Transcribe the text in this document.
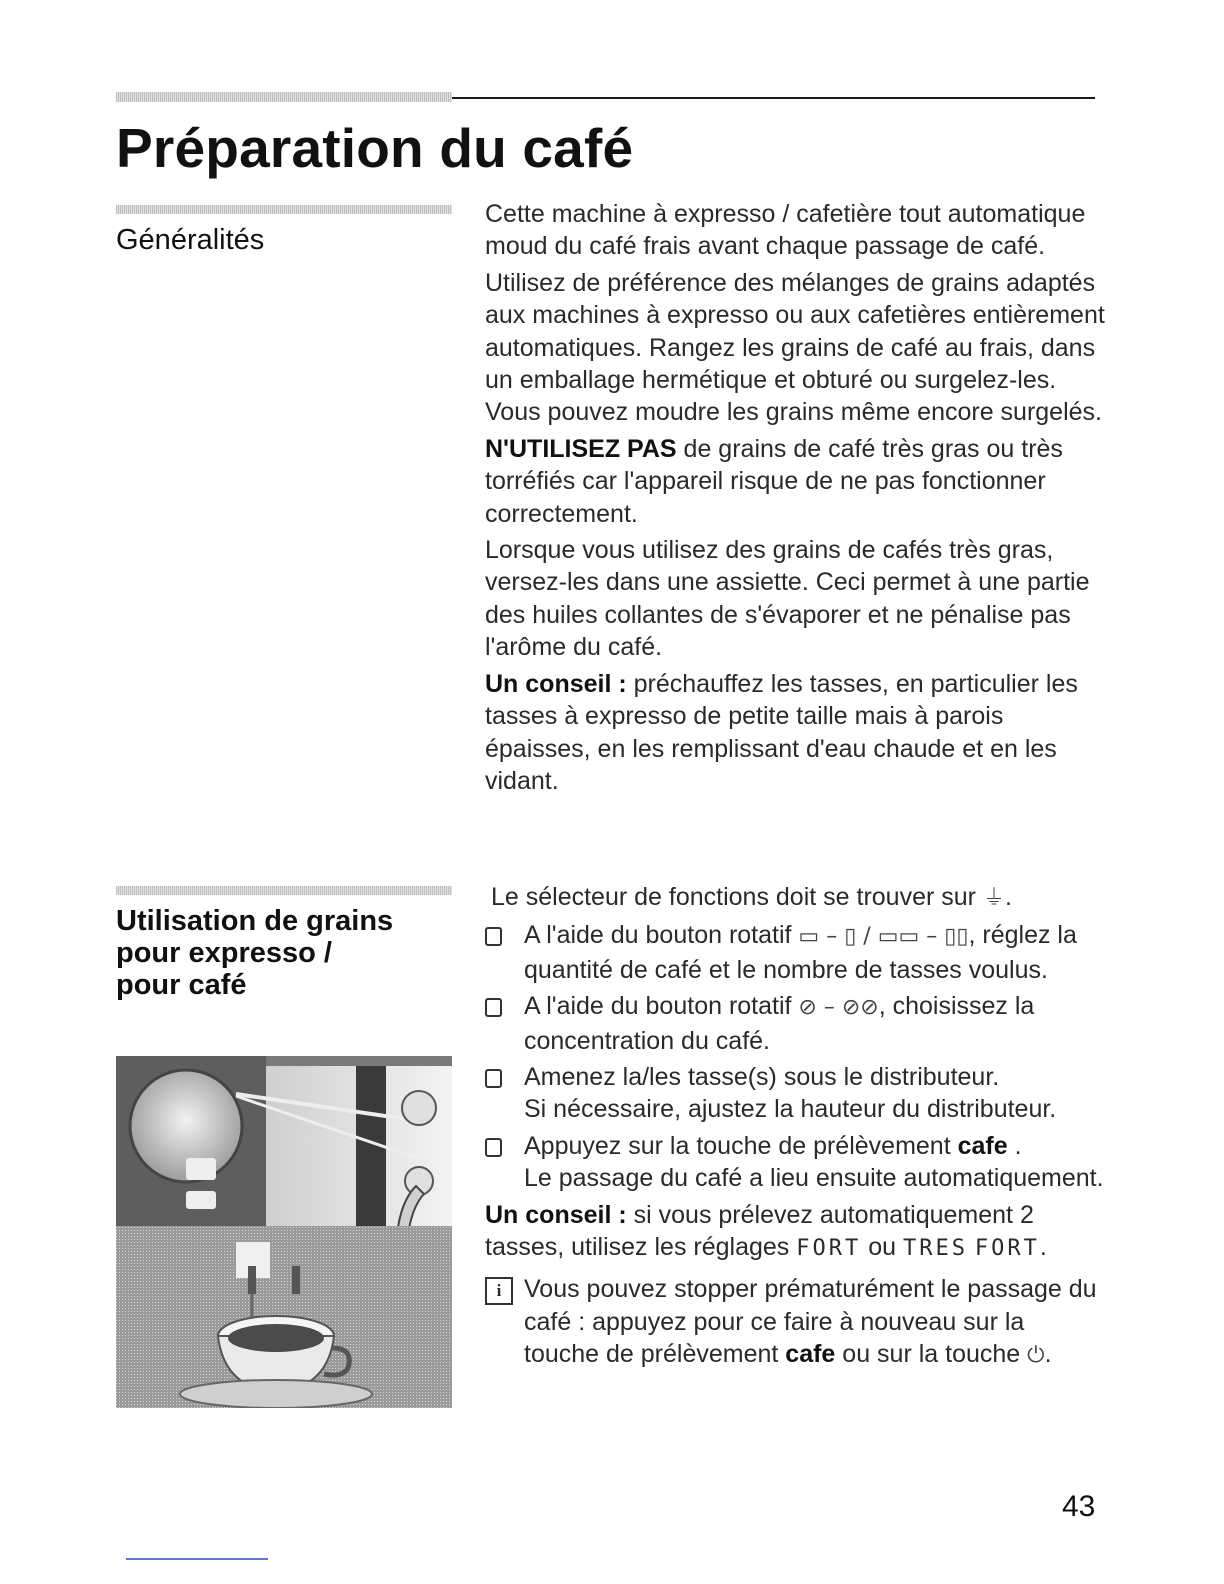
Préparation du café
Généralités

Cette machine à expresso / cafetière tout automatique moud du café frais avant chaque passage de café.

Utilisez de préférence des mélanges de grains adaptés aux machines à expresso ou aux cafetières entièrement automatiques. Rangez les grains de café au frais, dans un emballage hermétique et obturé ou surgelez-les. Vous pouvez moudre les grains même encore surgelés.

N'UTILISEZ PAS de grains de café très gras ou très torréfiés car l'appareil risque de ne pas fonctionner correctement.

Lorsque vous utilisez des grains de cafés très gras, versez-les dans une assiette. Ceci permet à une partie des huiles collantes de s'évaporer et ne pénalise pas l'arôme du café.

Un conseil : préchauffez les tasses, en particulier les tasses à expresso de petite taille mais à parois épaisses, en les remplissant d'eau chaude et en les vidant.

Utilisation de grains
pour expresso /
pour café

Le sélecteur de fonctions doit se trouver sur ⏚.

A l'aide du bouton rotatif ▭ – ▯ / ▭▭ – ▯▯, réglez la quantité de café et le nombre de tasses voulus.
A l'aide du bouton rotatif ⊘ – ⊘⊘, choisissez la concentration du café.
Amenez la/les tasse(s) sous le distributeur.
Si nécessaire, ajustez la hauteur du distributeur.
Appuyez sur la touche de prélèvement cafe .
Le passage du café a lieu ensuite automatiquement.

Un conseil : si vous prélevez automatiquement 2 tasses, utilisez les réglages FORT ou TRES FORT.

i Vous pouvez stopper prématurément le passage du café : appuyez pour ce faire à nouveau sur la touche de prélèvement cafe ou sur la touche ⏻.
43
